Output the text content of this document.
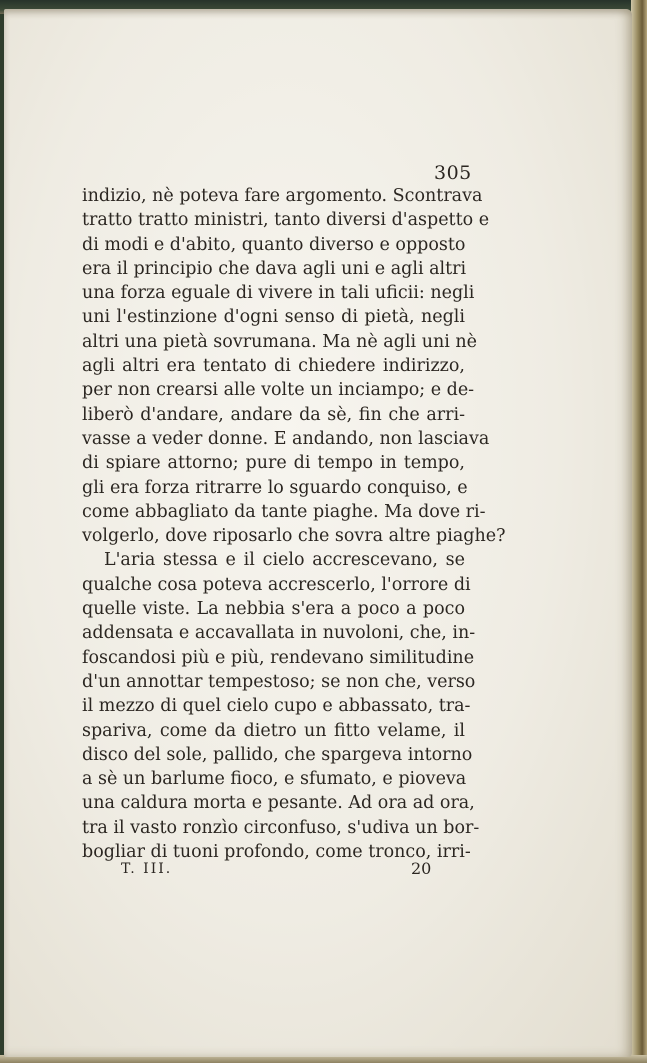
305
indizio, nè poteva fare argomento. Scontrava
tratto tratto ministri, tanto diversi d'aspetto e
di modi e d'abito, quanto diverso e opposto
era il principio che dava agli uni e agli altri
una forza eguale di vivere in tali uficii: negli
uni l'estinzione d'ogni senso di pietà, negli
altri una pietà sovrumana. Ma nè agli uni nè
agli altri era tentato di chiedere indirizzo,
per non crearsi alle volte un inciampo; e de-
liberò d'andare, andare da sè, fin che arri-
vasse a veder donne. E andando, non lasciava
di spiare attorno; pure di tempo in tempo,
gli era forza ritrarre lo sguardo conquiso, e
come abbagliato da tante piaghe. Ma dove ri-
volgerlo, dove riposarlo che sovra altre piaghe?
L'aria stessa e il cielo accrescevano, se
qualche cosa poteva accrescerlo, l'orrore di
quelle viste. La nebbia s'era a poco a poco
addensata e accavallata in nuvoloni, che, in-
foscandosi più e più, rendevano similitudine
d'un annottar tempestoso; se non che, verso
il mezzo di quel cielo cupo e abbassato, tra-
spariva, come da dietro un fitto velame, il
disco del sole, pallido, che spargeva intorno
a sè un barlume fioco, e sfumato, e pioveva
una caldura morta e pesante. Ad ora ad ora,
tra il vasto ronzìo circonfuso, s'udiva un bor-
bogliar di tuoni profondo, come tronco, irri-
T. III.	20
